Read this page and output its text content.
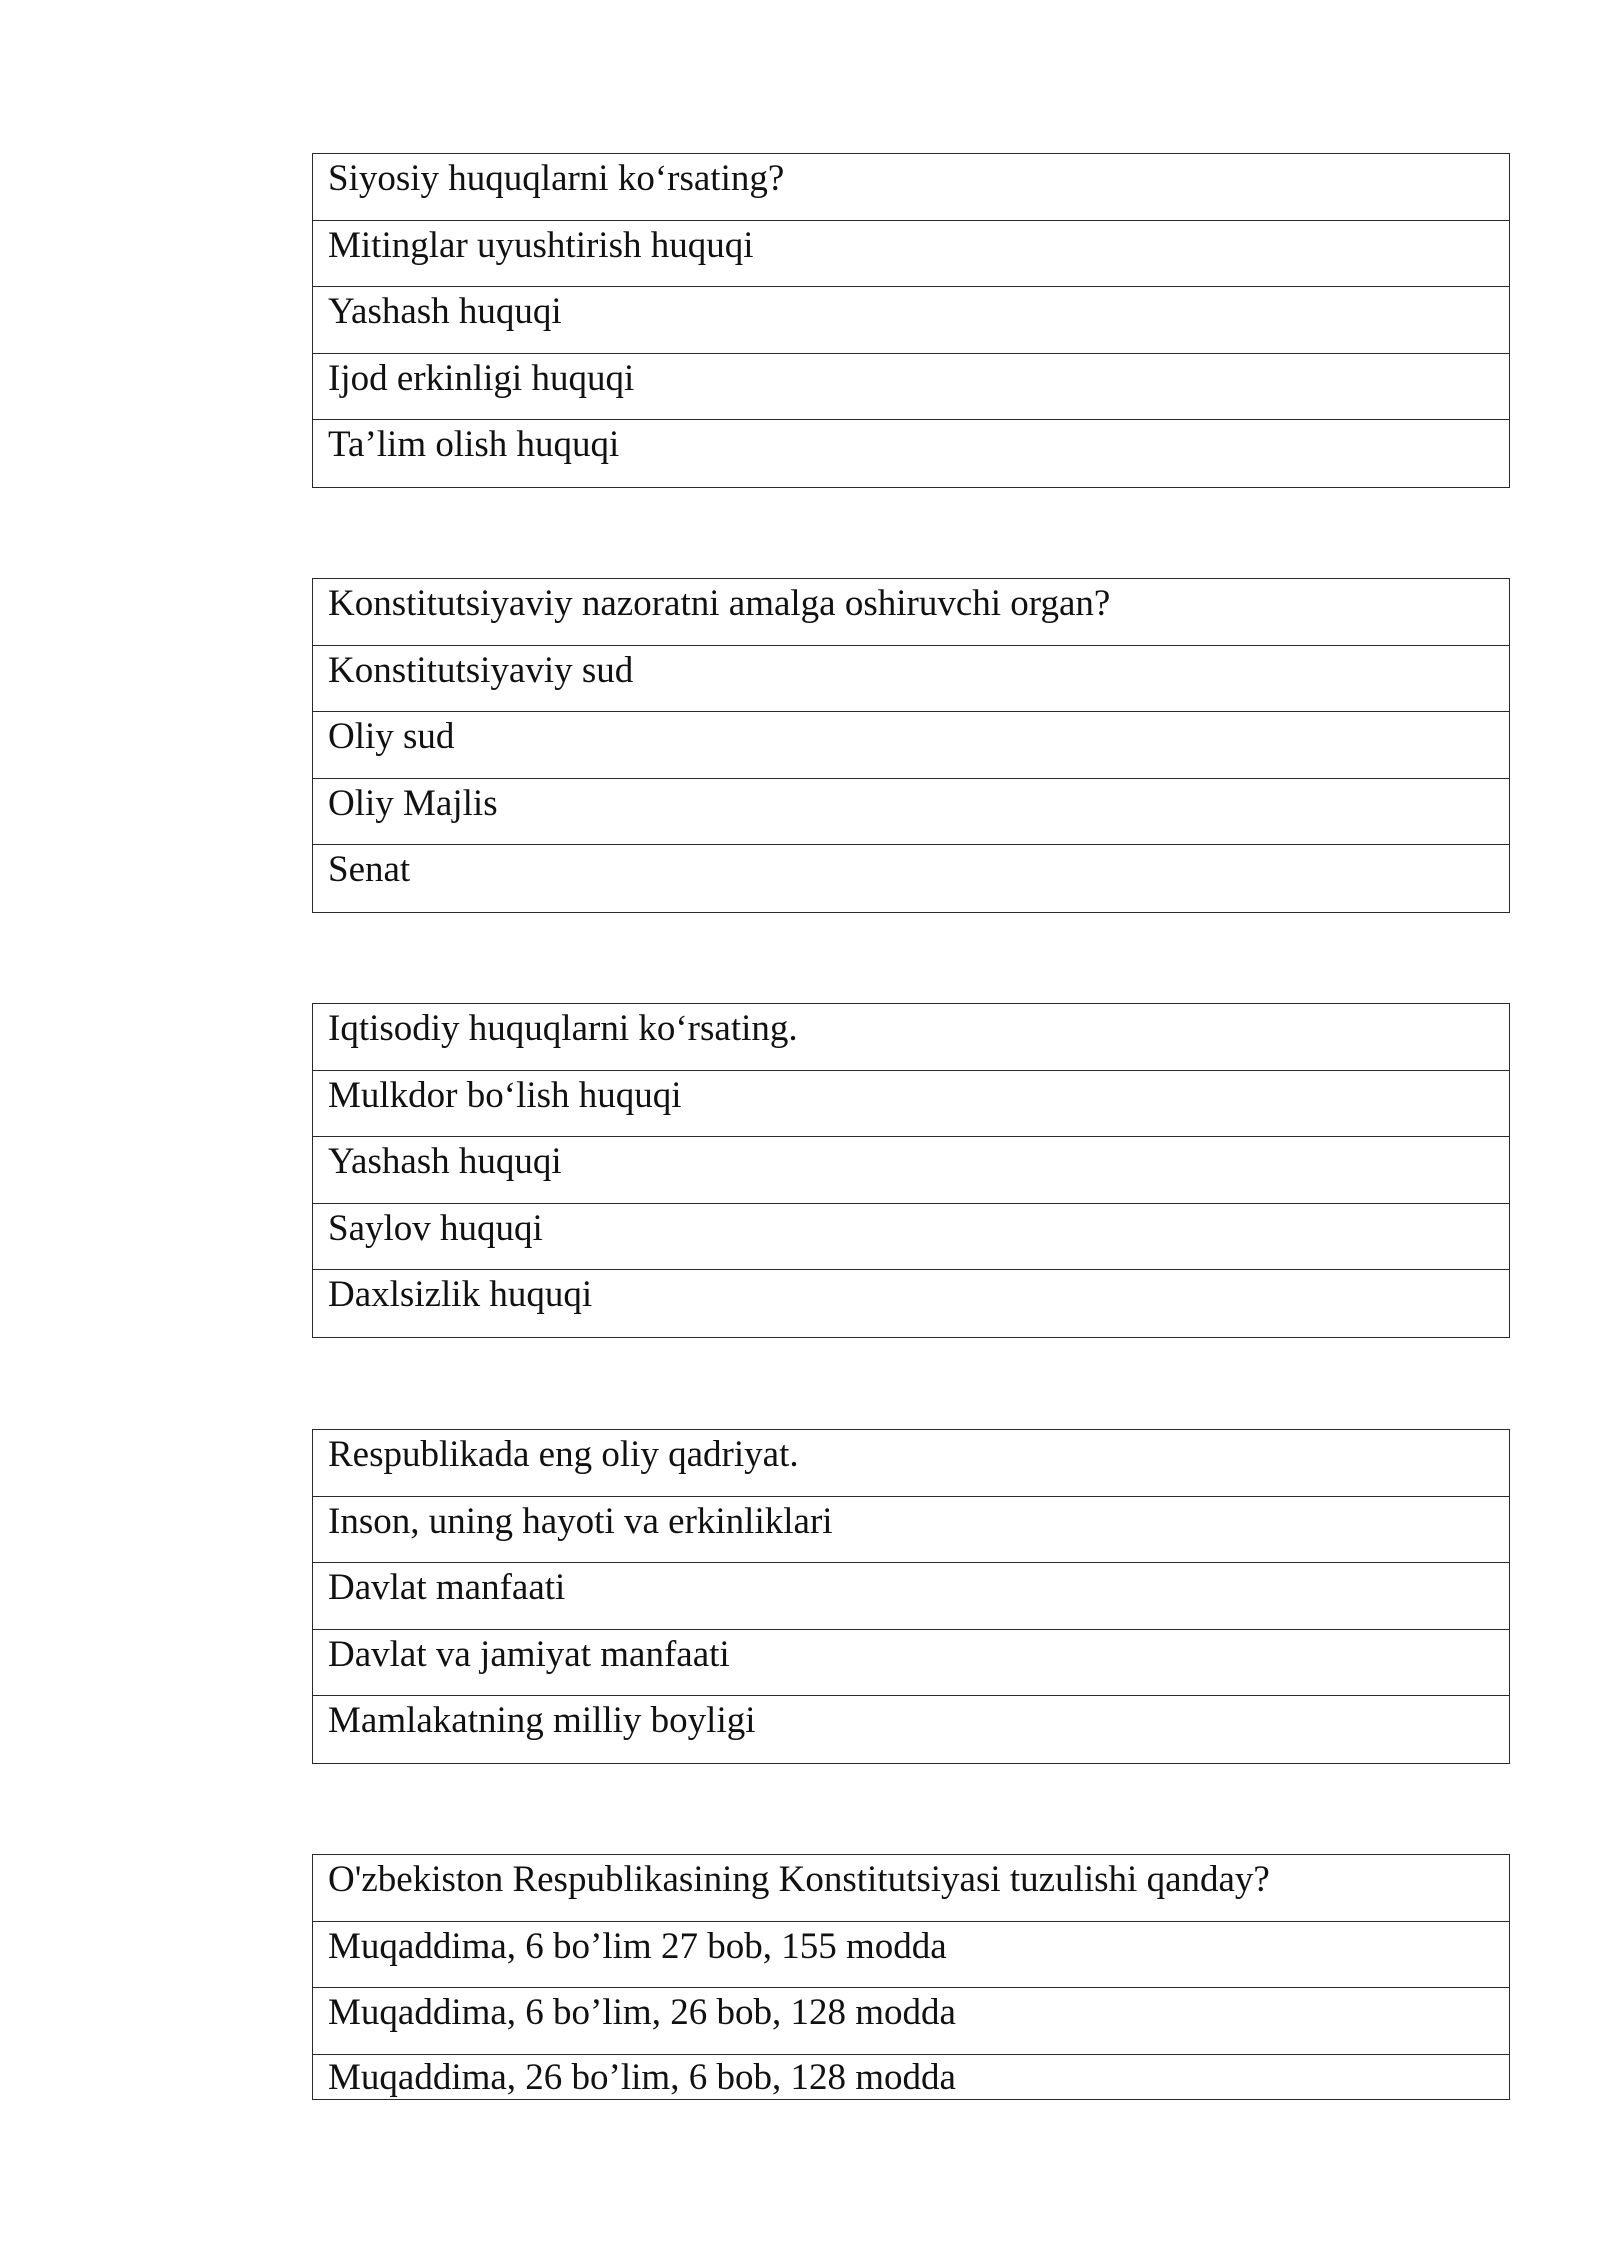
Siyosiy huquqlarni ko‘rsating?
Mitinglar uyushtirish huquqi
Yashash huquqi
Ijod erkinligi huquqi
Ta’lim olish huquqi
Konstitutsiyaviy nazoratni amalga oshiruvchi organ?
Konstitutsiyaviy sud
Oliy sud
Oliy Majlis
Senat
Iqtisodiy huquqlarni ko‘rsating.
Mulkdor bo‘lish huquqi
Yashash huquqi
Saylov huquqi
Daxlsizlik huquqi
Respublikada eng oliy qadriyat.
Inson, uning hayoti va erkinliklari
Davlat manfaati
Davlat va jamiyat manfaati
Mamlakatning milliy boyligi
O'zbekiston Respublikasining Konstitutsiyasi tuzulishi qanday?
Muqaddima, 6 bo’lim 27 bob, 155 modda
Muqaddima, 6 bo’lim, 26 bob, 128 modda
Muqaddima, 26 bo’lim, 6 bob, 128 modda
